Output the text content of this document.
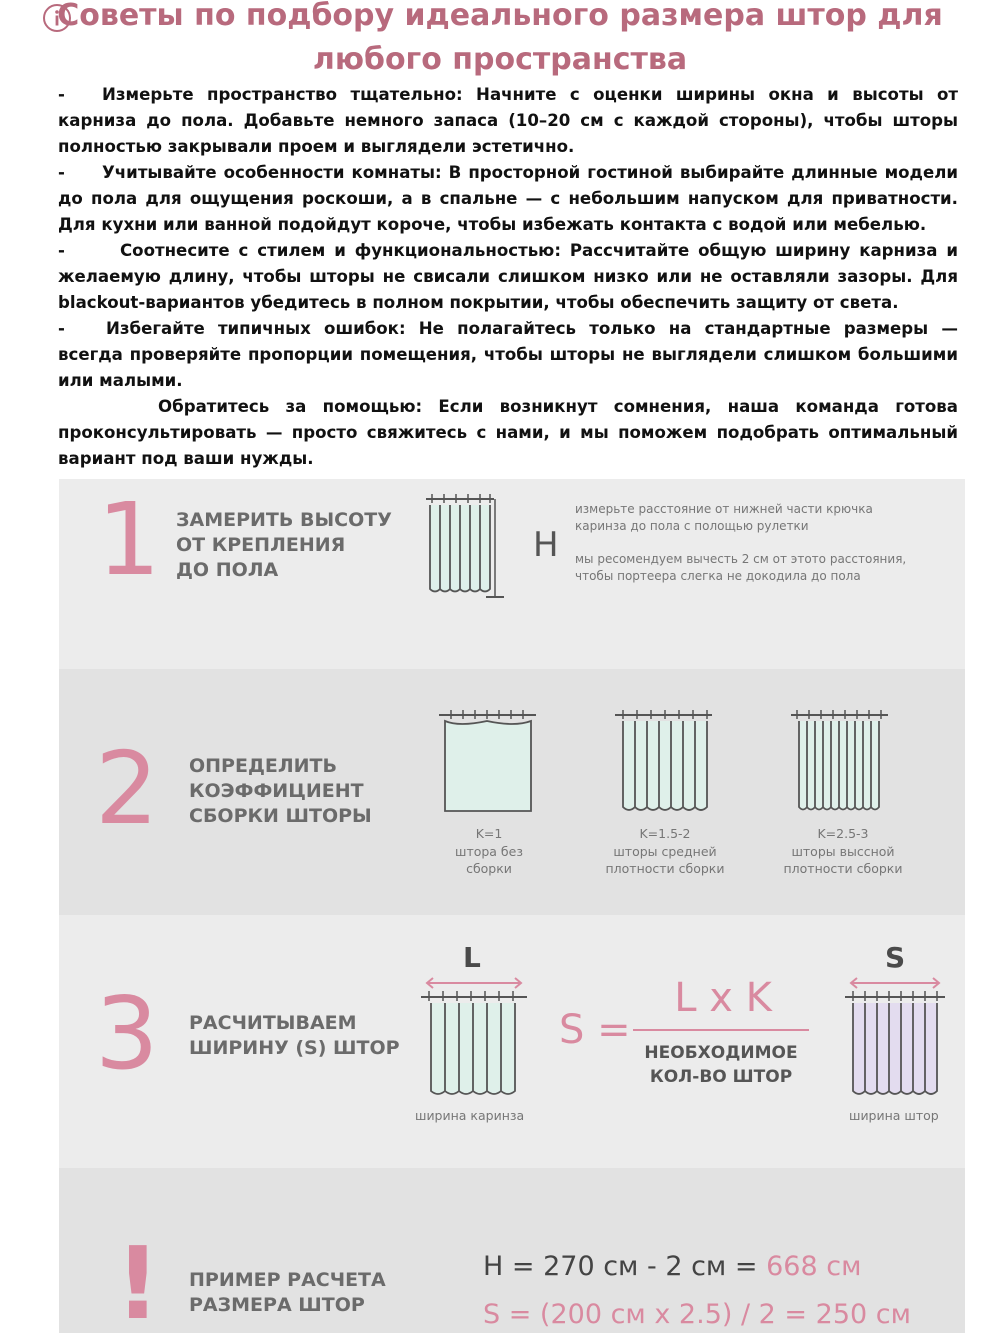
Советы по подбору идеального размера штор для
любого пространства

- Измерьте пространство тщательно: Начните с оценки ширины окна и высоты от карниза до пола. Добавьте немного запаса (10–20 см с каждой стороны), чтобы шторы полностью закрывали проем и выглядели эстетично.

- Учитывайте особенности комнаты: В просторной гостиной выбирайте длинные модели до пола для ощущения роскоши, а в спальне — с небольшим напуском для приватности. Для кухни или ванной подойдут короче, чтобы избежать контакта с водой или мебелью.

-	Соотнесите с стилем и функциональностью: Рассчитайте общую ширину карниза и желаемую длину, чтобы шторы не свисали слишком низко или не оставляли зазоры. Для blackout-вариантов убедитесь в полном покрытии, чтобы обеспечить защиту от света.

- Избегайте типичных ошибок: Не полагайтесь только на стандартные размеры — всегда проверяйте пропорции помещения, чтобы шторы не выглядели слишком большими или малыми.

Обратитесь за помощью: Если возникнут сомнения, наша команда готова проконсультировать — просто свяжитесь с нами, и мы поможем подобрать оптимальный вариант под ваши нужды.

1 ЗАМЕРИТЬ ВЫСОТУ
ОТ КРЕПЛЕНИЯ
ДО ПОЛА
H
измерьте расстояние от нижней части крючка
каринза до пола с полощью рулетки
мы ресомендуем вычесть 2 см от этото расстояния,
чтобы портеера слегка не докодила до пола
2 ОПРЕДЕЛИТЬ
КОЭФФИЦИЕНТ
СБОРКИ ШТОРЫ
K=1
штора без
сборки
K=1.5-2
шторы средней
плотности сборки
K=2.5-3
шторы выссной
плотности сборки
3 РАСЧИТЫВАЕМ
ШИРИНУ (S) ШТОР
L
ширина каринза
S =
L x K
НЕОБХОДИМОЕ
КОЛ-ВО ШТОР
S
ширина штор
! ПРИМЕР РАСЧЕТА
РАЗМЕРА ШТОР
H = 270 см - 2 см = 668 см
S = (200 см x 2.5) / 2 = 250 см
